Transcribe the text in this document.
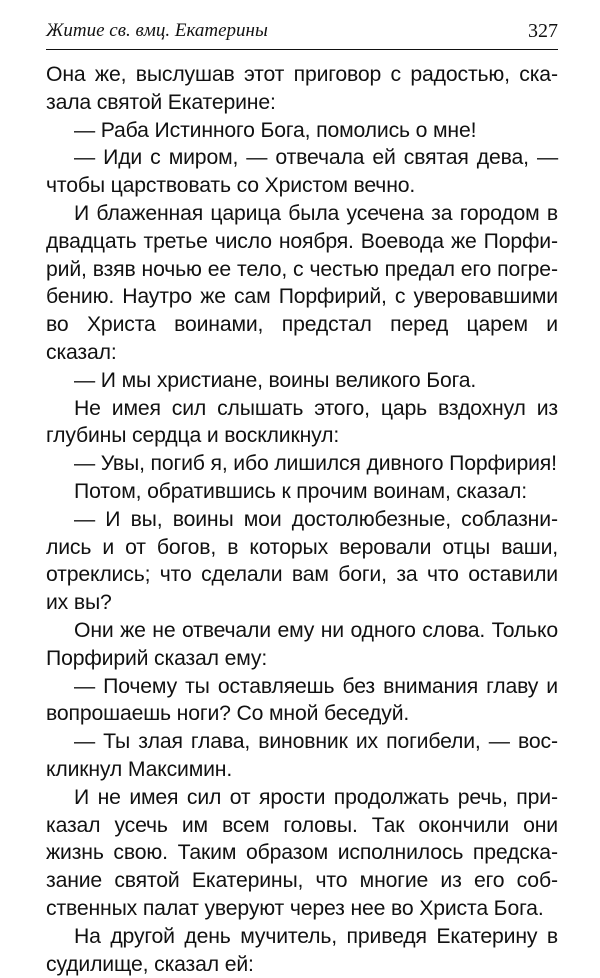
Житие св. вмц. Екатерины	327

Она же, выслушав этот приговор с радостью, сказала святой Екатерине:

— Раба Истинного Бога, помолись о мне!

— Иди с миром, — отвечала ей святая дева, — чтобы царствовать со Христом вечно.

И блаженная царица была усечена за городом в двадцать третье число ноября. Воевода же Порфирий, взяв ночью ее тело, с честью предал его погребению. Наутро же сам Порфирий, с уверовавшими во Христа воинами, предстал перед царем и сказал:

— И мы христиане, воины великого Бога.

Не имея сил слышать этого, царь вздохнул из глубины сердца и воскликнул:

— Увы, погиб я, ибо лишился дивного Порфирия!

Потом, обратившись к прочим воинам, сказал:

— И вы, воины мои достолюбезные, соблазнились и от богов, в которых веровали отцы ваши, отреклись; что сделали вам боги, за что оставили их вы?

Они же не отвечали ему ни одного слова. Только Порфирий сказал ему:

— Почему ты оставляешь без внимания главу и вопрошаешь ноги? Со мной беседуй.

— Ты злая глава, виновник их погибели, — воскликнул Максимин.

И не имея сил от ярости продолжать речь, приказал усечь им всем головы. Так окончили они жизнь свою. Таким образом исполнилось предсказание святой Екатерины, что многие из его собственных палат уверуют через нее во Христа Бога.

На другой день мучитель, приведя Екатерину в судилище, сказал ей:
